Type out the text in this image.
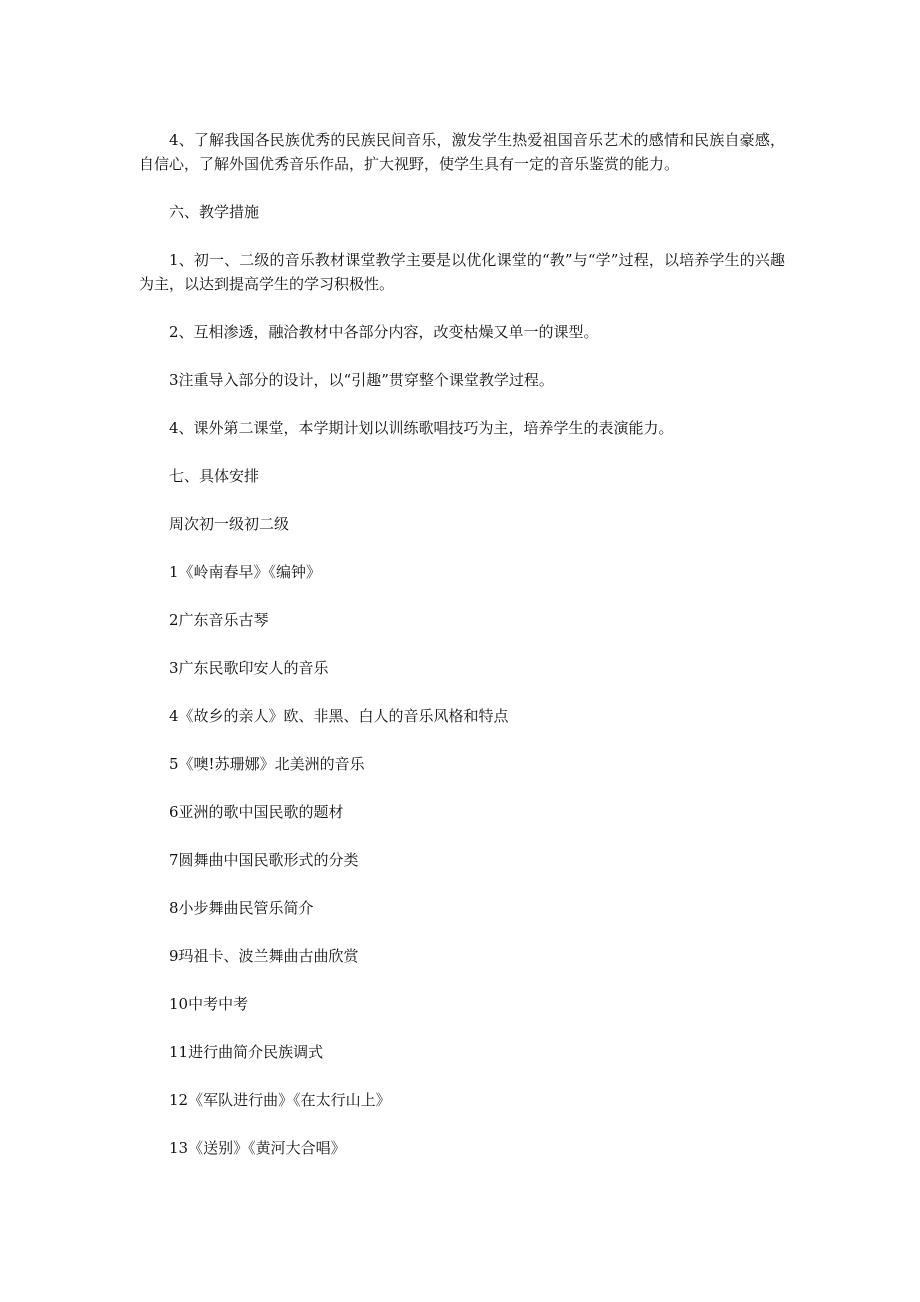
4、了解我国各民族优秀的民族民间音乐，激发学生热爱祖国音乐艺术的感情和民族自豪感，自信心，了解外国优秀音乐作品，扩大视野，使学生具有一定的音乐鉴赏的能力。

六、教学措施

1、初一、二级的音乐教材课堂教学主要是以优化课堂的“教”与“学”过程，以培养学生的兴趣为主，以达到提高学生的学习积极性。

2、互相渗透，融洽教材中各部分内容，改变枯燥又单一的课型。

3注重导入部分的设计，以“引趣”贯穿整个课堂教学过程。

4、课外第二课堂，本学期计划以训练歌唱技巧为主，培养学生的表演能力。

七、具体安排

周次初一级初二级

1《岭南春早》《编钟》

2广东音乐古琴

3广东民歌印安人的音乐

4《故乡的亲人》欧、非黑、白人的音乐风格和特点

5《噢!苏珊娜》北美洲的音乐

6亚洲的歌中国民歌的题材

7圆舞曲中国民歌形式的分类

8小步舞曲民管乐简介

9玛祖卡、波兰舞曲古曲欣赏

10中考中考

11进行曲简介民族调式

12《军队进行曲》《在太行山上》

13《送别》《黄河大合唱》
